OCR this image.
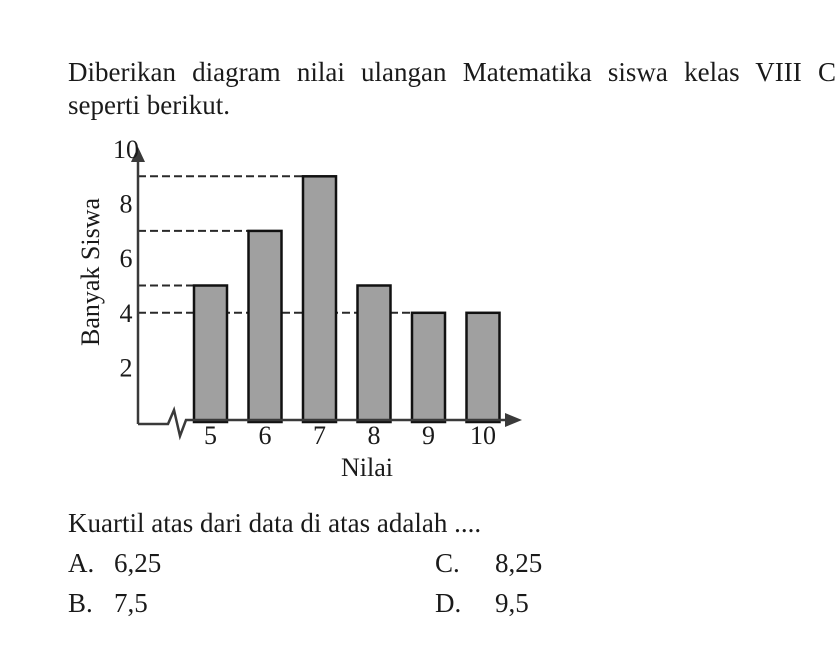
Diberikan diagram nilai ulangan Matematika siswa kelas VIII C
seperti berikut.

2
4
6
8
10
5 6 7 8 9 10
Banyak Siswa
Nilai

Kuartil atas dari data di atas adalah ....

A. 6,25
B. 7,5
C. 8,25
D. 9,5
